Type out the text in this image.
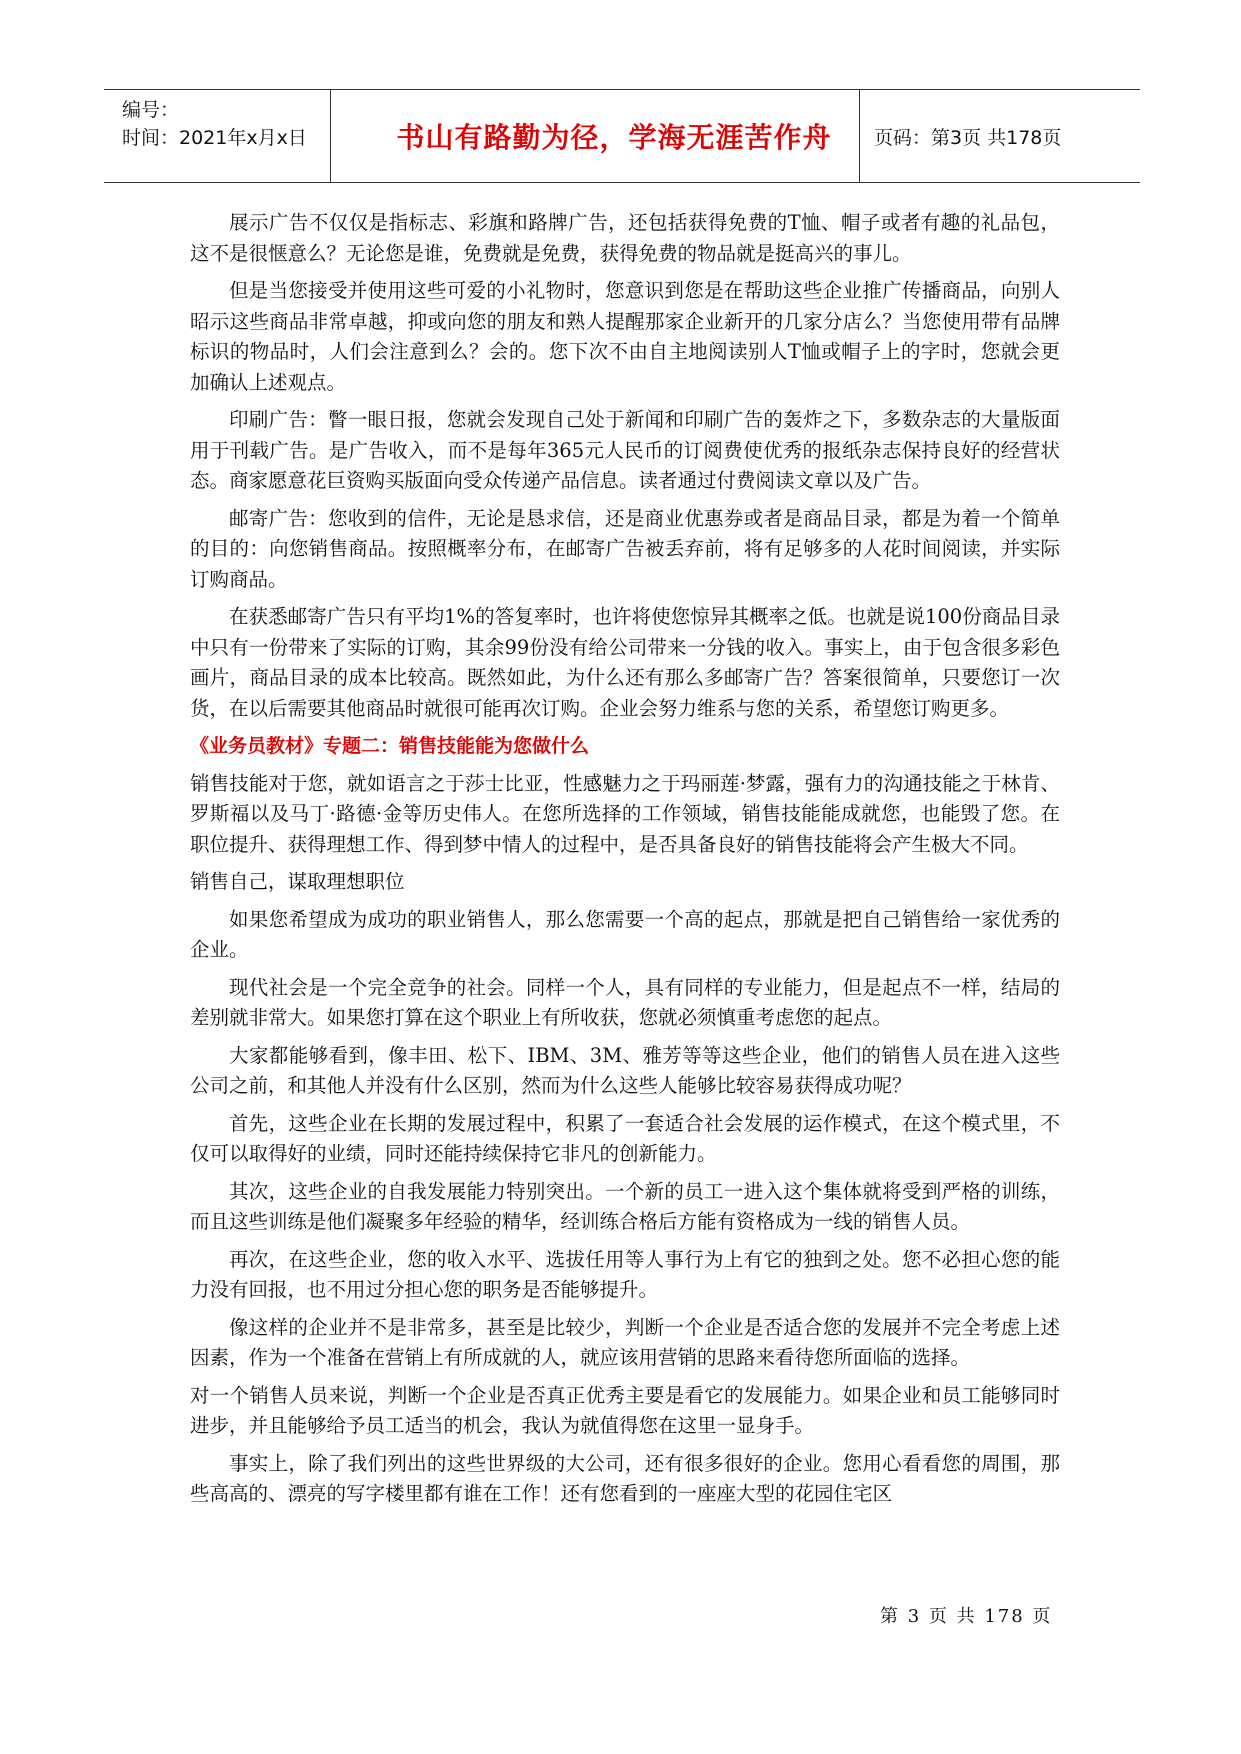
编号：
时间：2021年x月x日	书山有路勤为径，学海无涯苦作舟	页码：第3页 共178页

展示广告不仅仅是指标志、彩旗和路牌广告，还包括获得免费的T恤、帽子或者有趣的礼品包，这不是很惬意么？无论您是谁，免费就是免费，获得免费的物品就是挺高兴的事儿。

但是当您接受并使用这些可爱的小礼物时，您意识到您是在帮助这些企业推广传播商品，向别人昭示这些商品非常卓越，抑或向您的朋友和熟人提醒那家企业新开的几家分店么？当您使用带有品牌标识的物品时，人们会注意到么？会的。您下次不由自主地阅读别人T恤或帽子上的字时，您就会更加确认上述观点。

印刷广告：瞥一眼日报，您就会发现自己处于新闻和印刷广告的轰炸之下，多数杂志的大量版面用于刊载广告。是广告收入，而不是每年365元人民币的订阅费使优秀的报纸杂志保持良好的经营状态。商家愿意花巨资购买版面向受众传递产品信息。读者通过付费阅读文章以及广告。

邮寄广告：您收到的信件，无论是恳求信，还是商业优惠券或者是商品目录，都是为着一个简单的目的：向您销售商品。按照概率分布，在邮寄广告被丢弃前，将有足够多的人花时间阅读，并实际订购商品。

在获悉邮寄广告只有平均1%的答复率时，也许将使您惊异其概率之低。也就是说100份商品目录中只有一份带来了实际的订购，其余99份没有给公司带来一分钱的收入。事实上，由于包含很多彩色画片，商品目录的成本比较高。既然如此，为什么还有那么多邮寄广告？答案很简单，只要您订一次货，在以后需要其他商品时就很可能再次订购。企业会努力维系与您的关系，希望您订购更多。

《业务员教材》专题二：销售技能能为您做什么

销售技能对于您，就如语言之于莎士比亚，性感魅力之于玛丽莲·梦露，强有力的沟通技能之于林肯、罗斯福以及马丁·路德·金等历史伟人。在您所选择的工作领域，销售技能能成就您，也能毁了您。在职位提升、获得理想工作、得到梦中情人的过程中，是否具备良好的销售技能将会产生极大不同。

销售自己，谋取理想职位

如果您希望成为成功的职业销售人，那么您需要一个高的起点，那就是把自己销售给一家优秀的企业。

现代社会是一个完全竞争的社会。同样一个人，具有同样的专业能力，但是起点不一样，结局的差别就非常大。如果您打算在这个职业上有所收获，您就必须慎重考虑您的起点。

大家都能够看到，像丰田、松下、IBM、3M、雅芳等等这些企业，他们的销售人员在进入这些公司之前，和其他人并没有什么区别，然而为什么这些人能够比较容易获得成功呢？

首先，这些企业在长期的发展过程中，积累了一套适合社会发展的运作模式，在这个模式里，不仅可以取得好的业绩，同时还能持续保持它非凡的创新能力。

其次，这些企业的自我发展能力特别突出。一个新的员工一进入这个集体就将受到严格的训练，而且这些训练是他们凝聚多年经验的精华，经训练合格后方能有资格成为一线的销售人员。

再次，在这些企业，您的收入水平、选拔任用等人事行为上有它的独到之处。您不必担心您的能力没有回报，也不用过分担心您的职务是否能够提升。

像这样的企业并不是非常多，甚至是比较少，判断一个企业是否适合您的发展并不完全考虑上述因素，作为一个准备在营销上有所成就的人，就应该用营销的思路来看待您所面临的选择。

对一个销售人员来说，判断一个企业是否真正优秀主要是看它的发展能力。如果企业和员工能够同时进步，并且能够给予员工适当的机会，我认为就值得您在这里一显身手。

事实上，除了我们列出的这些世界级的大公司，还有很多很好的企业。您用心看看您的周围，那些高高的、漂亮的写字楼里都有谁在工作！还有您看到的一座座大型的花园住宅区

第 3 页 共 178 页
